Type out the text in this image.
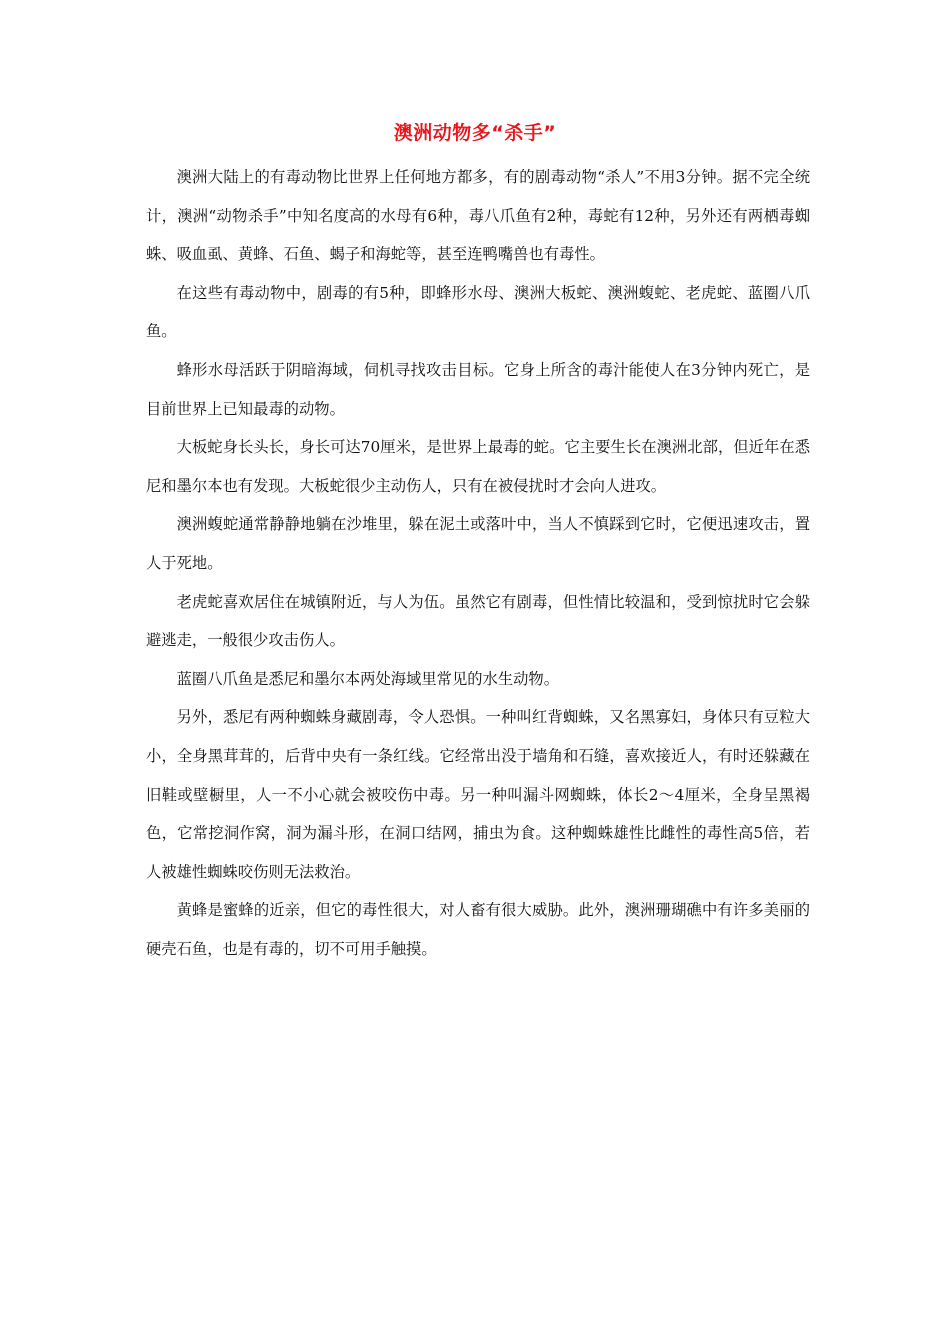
澳洲动物多“杀手”

澳洲大陆上的有毒动物比世界上任何地方都多，有的剧毒动物“杀人”不用3分钟。据不完全统计，澳洲“动物杀手”中知名度高的水母有6种，毒八爪鱼有2种，毒蛇有12种，另外还有两栖毒蜘蛛、吸血虱、黄蜂、石鱼、蝎子和海蛇等，甚至连鸭嘴兽也有毒性。

在这些有毒动物中，剧毒的有5种，即蜂形水母、澳洲大板蛇、澳洲蝮蛇、老虎蛇、蓝圈八爪鱼。

蜂形水母活跃于阴暗海域，伺机寻找攻击目标。它身上所含的毒汁能使人在3分钟内死亡，是目前世界上已知最毒的动物。

大板蛇身长头长，身长可达70厘米，是世界上最毒的蛇。它主要生长在澳洲北部，但近年在悉尼和墨尔本也有发现。大板蛇很少主动伤人，只有在被侵扰时才会向人进攻。

澳洲蝮蛇通常静静地躺在沙堆里，躲在泥土或落叶中，当人不慎踩到它时，它便迅速攻击，置人于死地。

老虎蛇喜欢居住在城镇附近，与人为伍。虽然它有剧毒，但性情比较温和，受到惊扰时它会躲避逃走，一般很少攻击伤人。

蓝圈八爪鱼是悉尼和墨尔本两处海域里常见的水生动物。

另外，悉尼有两种蜘蛛身藏剧毒，令人恐惧。一种叫红背蜘蛛，又名黑寡妇，身体只有豆粒大小，全身黑茸茸的，后背中央有一条红线。它经常出没于墙角和石缝，喜欢接近人，有时还躲藏在旧鞋或壁橱里，人一不小心就会被咬伤中毒。另一种叫漏斗网蜘蛛，体长2～4厘米，全身呈黑褐色，它常挖洞作窝，洞为漏斗形，在洞口结网，捕虫为食。这种蜘蛛雄性比雌性的毒性高5倍，若人被雄性蜘蛛咬伤则无法救治。

黄蜂是蜜蜂的近亲，但它的毒性很大，对人畜有很大威胁。此外，澳洲珊瑚礁中有许多美丽的硬壳石鱼，也是有毒的，切不可用手触摸。
